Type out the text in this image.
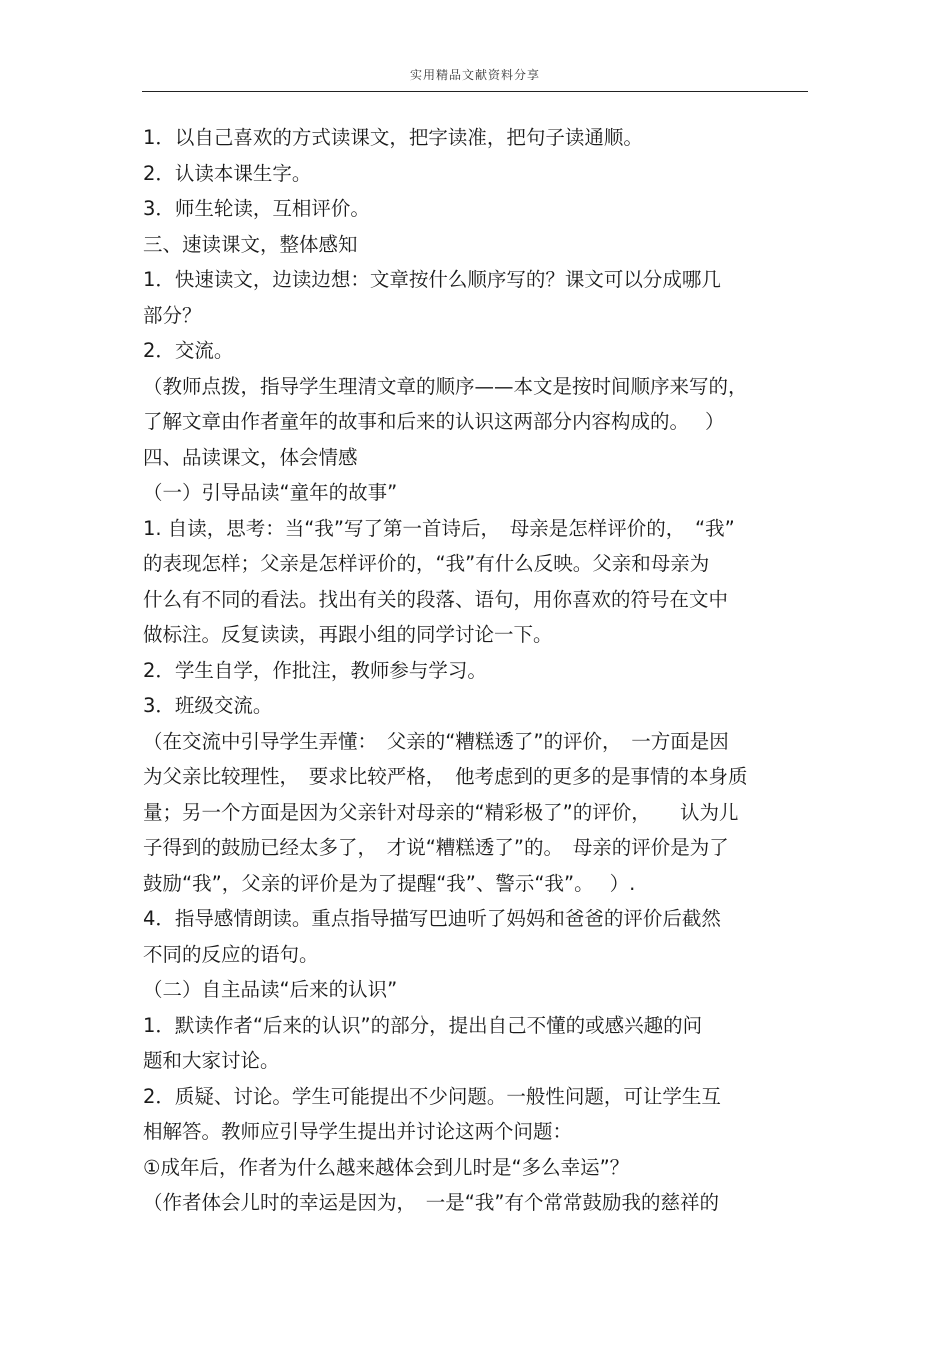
实用精品文献资料分享
1．以自己喜欢的方式读课文，把字读准，把句子读通顺。
2．认读本课生字。
3．师生轮读，互相评价。
三、速读课文，整体感知
1．快速读文，边读边想：文章按什么顺序写的？课文可以分成哪几
部分？
2．交流。
（教师点拨，指导学生理清文章的顺序——本文是按时间顺序来写的，
了解文章由作者童年的故事和后来的认识这两部分内容构成的。　 ）
四、品读课文，体会情感
（一）引导品读“童年的故事”
1. 自读，思考：当“我”写了第一首诗后，　母亲是怎样评价的，　“我”
的表现怎样；父亲是怎样评价的，“我”有什么反映。父亲和母亲为
什么有不同的看法。找出有关的段落、语句，用你喜欢的符号在文中
做标注。反复读读，再跟小组的同学讨论一下。
2．学生自学，作批注，教师参与学习。
3．班级交流。
（在交流中引导学生弄懂：　父亲的“糟糕透了”的评价，　一方面是因
为父亲比较理性，　要求比较严格，　他考虑到的更多的是事情的本身质
量；另一个方面是因为父亲针对母亲的“精彩极了”的评价，　　认为儿
子得到的鼓励已经太多了，　才说“糟糕透了”的。　母亲的评价是为了
鼓励“我”，父亲的评价是为了提醒“我”、警示“我”。　 ）.
4．指导感情朗读。重点指导描写巴迪听了妈妈和爸爸的评价后截然
不同的反应的语句。
（二）自主品读“后来的认识”
1．默读作者“后来的认识”的部分，提出自己不懂的或感兴趣的问
题和大家讨论。
2．质疑、讨论。学生可能提出不少问题。一般性问题，可让学生互
相解答。教师应引导学生提出并讨论这两个问题：
①成年后，作者为什么越来越体会到儿时是“多么幸运”？
（作者体会儿时的幸运是因为，　一是“我”有个常常鼓励我的慈祥的
